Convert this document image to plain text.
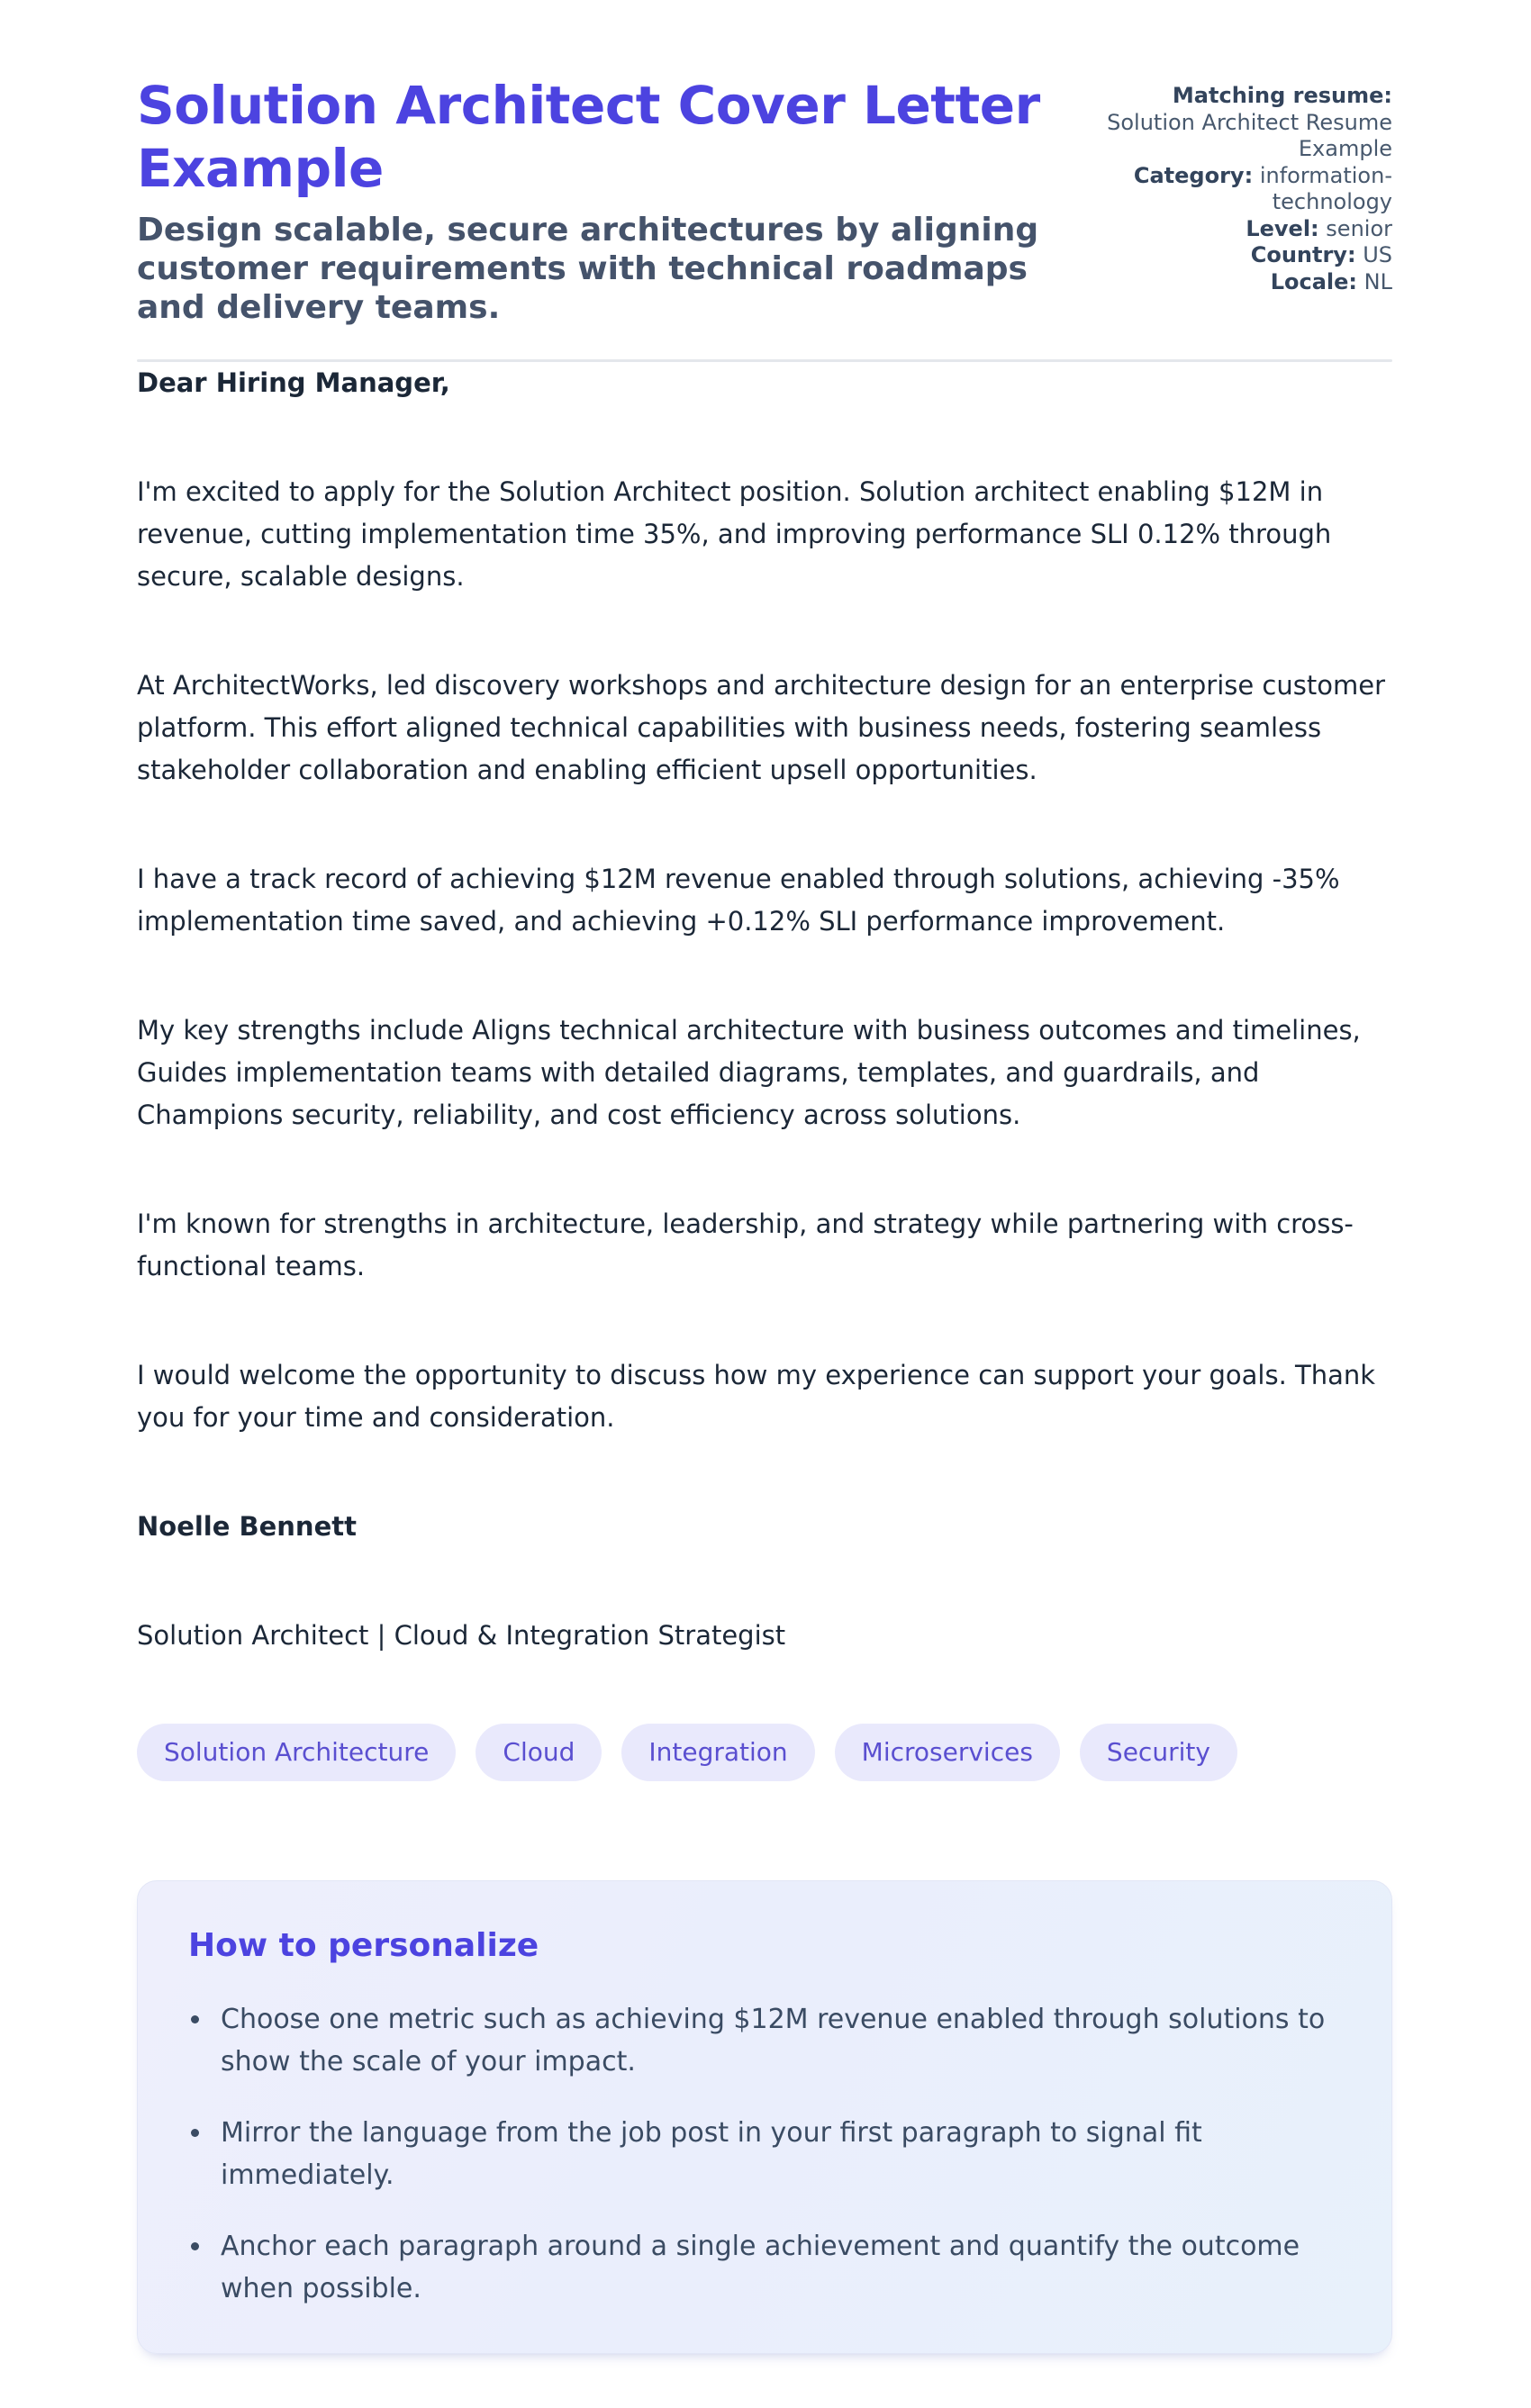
Solution Architect Cover Letter Example

Design scalable, secure architectures by aligning customer requirements with technical roadmaps and delivery teams.

Matching resume: Solution Architect Resume Example
Category: information-technology
Level: senior
Country: US
Locale: NL

Dear Hiring Manager,

I'm excited to apply for the Solution Architect position. Solution architect enabling $12M in revenue, cutting implementation time 35%, and improving performance SLI 0.12% through secure, scalable designs.

At ArchitectWorks, led discovery workshops and architecture design for an enterprise customer platform. This effort aligned technical capabilities with business needs, fostering seamless stakeholder collaboration and enabling efficient upsell opportunities.

I have a track record of achieving $12M revenue enabled through solutions, achieving -35% implementation time saved, and achieving +0.12% SLI performance improvement.

My key strengths include Aligns technical architecture with business outcomes and timelines, Guides implementation teams with detailed diagrams, templates, and guardrails, and Champions security, reliability, and cost efficiency across solutions.

I'm known for strengths in architecture, leadership, and strategy while partnering with cross-functional teams.

I would welcome the opportunity to discuss how my experience can support your goals. Thank you for your time and consideration.

Noelle Bennett

Solution Architect | Cloud & Integration Strategist

Solution Architecture	Cloud	Integration	Microservices	Security
How to personalize
• Choose one metric such as achieving $12M revenue enabled through solutions to show the scale of your impact.
• Mirror the language from the job post in your first paragraph to signal fit immediately.
• Anchor each paragraph around a single achievement and quantify the outcome when possible.
